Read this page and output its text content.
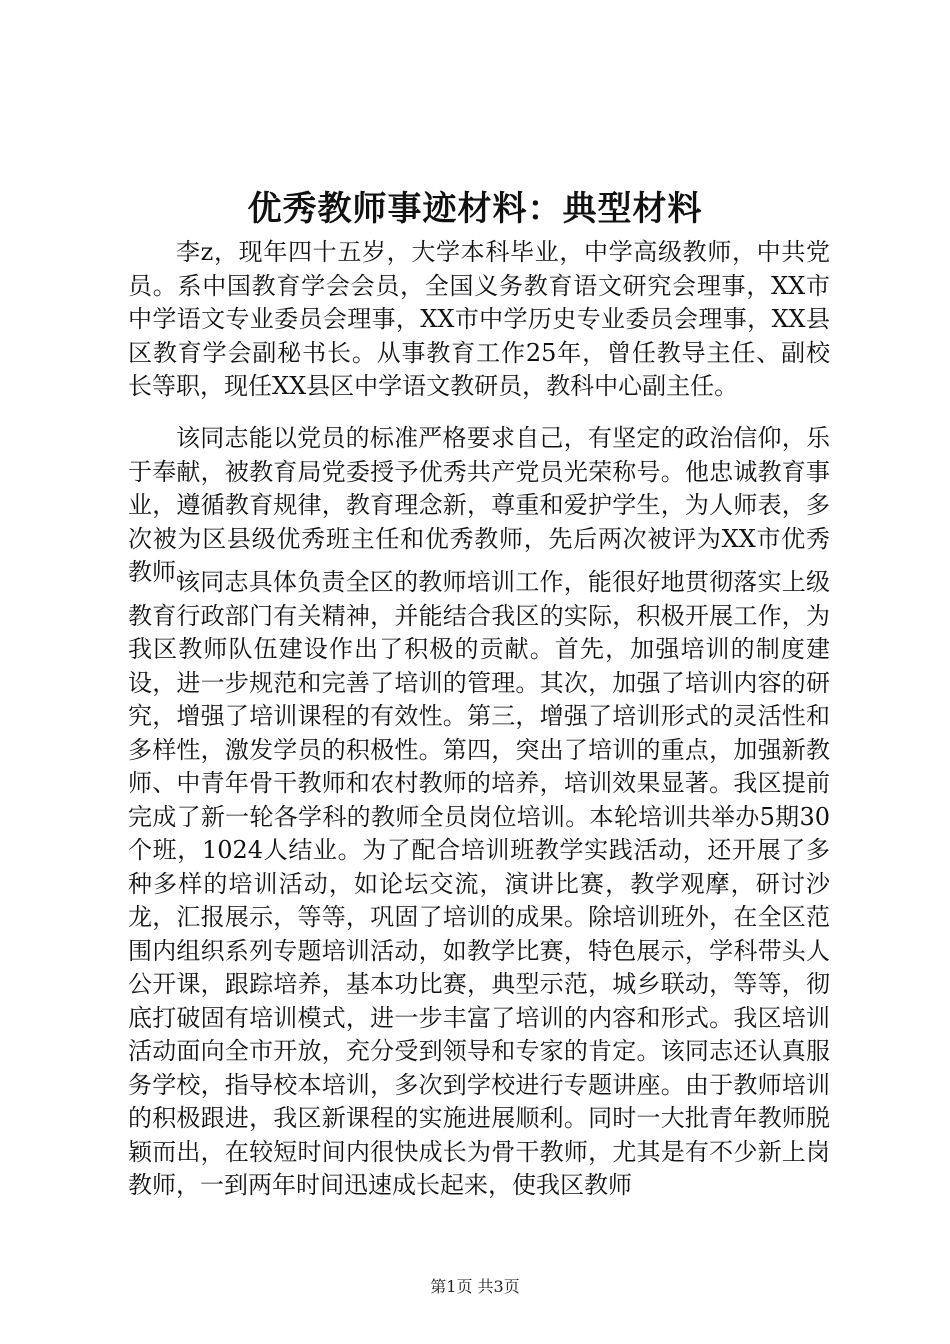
优秀教师事迹材料：典型材料

李z，现年四十五岁，大学本科毕业，中学高级教师，中共党员。系中国教育学会会员，全国义务教育语文研究会理事，XX市中学语文专业委员会理事，XX市中学历史专业委员会理事，XX县区教育学会副秘书长。从事教育工作25年，曾任教导主任、副校长等职，现任XX县区中学语文教研员，教科中心副主任。

该同志能以党员的标准严格要求自己，有坚定的政治信仰，乐于奉献，被教育局党委授予优秀共产党员光荣称号。他忠诚教育事业，遵循教育规律，教育理念新，尊重和爱护学生，为人师表，多次被为区县级优秀班主任和优秀教师，先后两次被评为XX市优秀教师。

该同志具体负责全区的教师培训工作，能很好地贯彻落实上级教育行政部门有关精神，并能结合我区的实际，积极开展工作，为我区教师队伍建设作出了积极的贡献。首先，加强培训的制度建设，进一步规范和完善了培训的管理。其次，加强了培训内容的研究，增强了培训课程的有效性。第三，增强了培训形式的灵活性和多样性，激发学员的积极性。第四，突出了培训的重点，加强新教师、中青年骨干教师和农村教师的培养，培训效果显著。我区提前完成了新一轮各学科的教师全员岗位培训。本轮培训共举办5期30个班，1024人结业。为了配合培训班教学实践活动，还开展了多种多样的培训活动，如论坛交流，演讲比赛，教学观摩，研讨沙龙，汇报展示，等等，巩固了培训的成果。除培训班外，在全区范围内组织系列专题培训活动，如教学比赛，特色展示，学科带头人公开课，跟踪培养，基本功比赛，典型示范，城乡联动，等等，彻底打破固有培训模式，进一步丰富了培训的内容和形式。我区培训活动面向全市开放，充分受到领导和专家的肯定。该同志还认真服务学校，指导校本培训，多次到学校进行专题讲座。由于教师培训的积极跟进，我区新课程的实施进展顺利。同时一大批青年教师脱颖而出，在较短时间内很快成长为骨干教师，尤其是有不少新上岗教师，一到两年时间迅速成长起来，使我区教师

第1页 共3页
